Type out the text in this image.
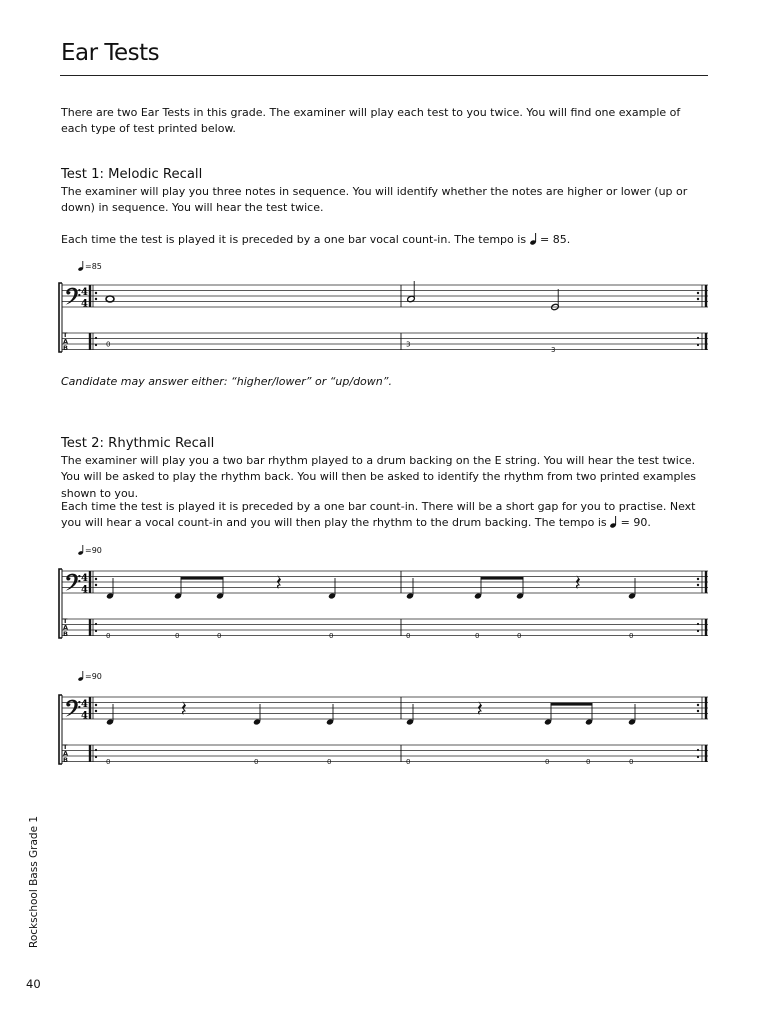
Ear Tests
There are two Ear Tests in this grade. The examiner will play each test to you twice. You will find one example of each type of test printed below.
Test 1: Melodic Recall
The examiner will play you three notes in sequence. You will identify whether the notes are higher or lower (up or down) in sequence. You will hear the test twice.
Each time the test is played it is preceded by a one bar vocal count-in. The tempo is  = 85.
=85
4
4
T
A
B	0	3
3
Candidate may answer either: “higher/lower” or “up/down”.
Test 2: Rhythmic Recall
The examiner will play you a two bar rhythm played to a drum backing on the E string. You will hear the test twice. You will be asked to play the rhythm back. You will then be asked to identify the rhythm from two printed examples shown to you.
Each time the test is played it is preceded by a one bar count-in. There will be a short gap for you to practise. Next you will hear a vocal count-in and you will then play the rhythm to the drum backing. The tempo is  = 90.
=90
4
4
T
A
B	0	0	0	0	0	0	0	0
=90
4
4
T
A
B	0	0	0	0	0	0	0
Rockschool Bass Grade 1
40
